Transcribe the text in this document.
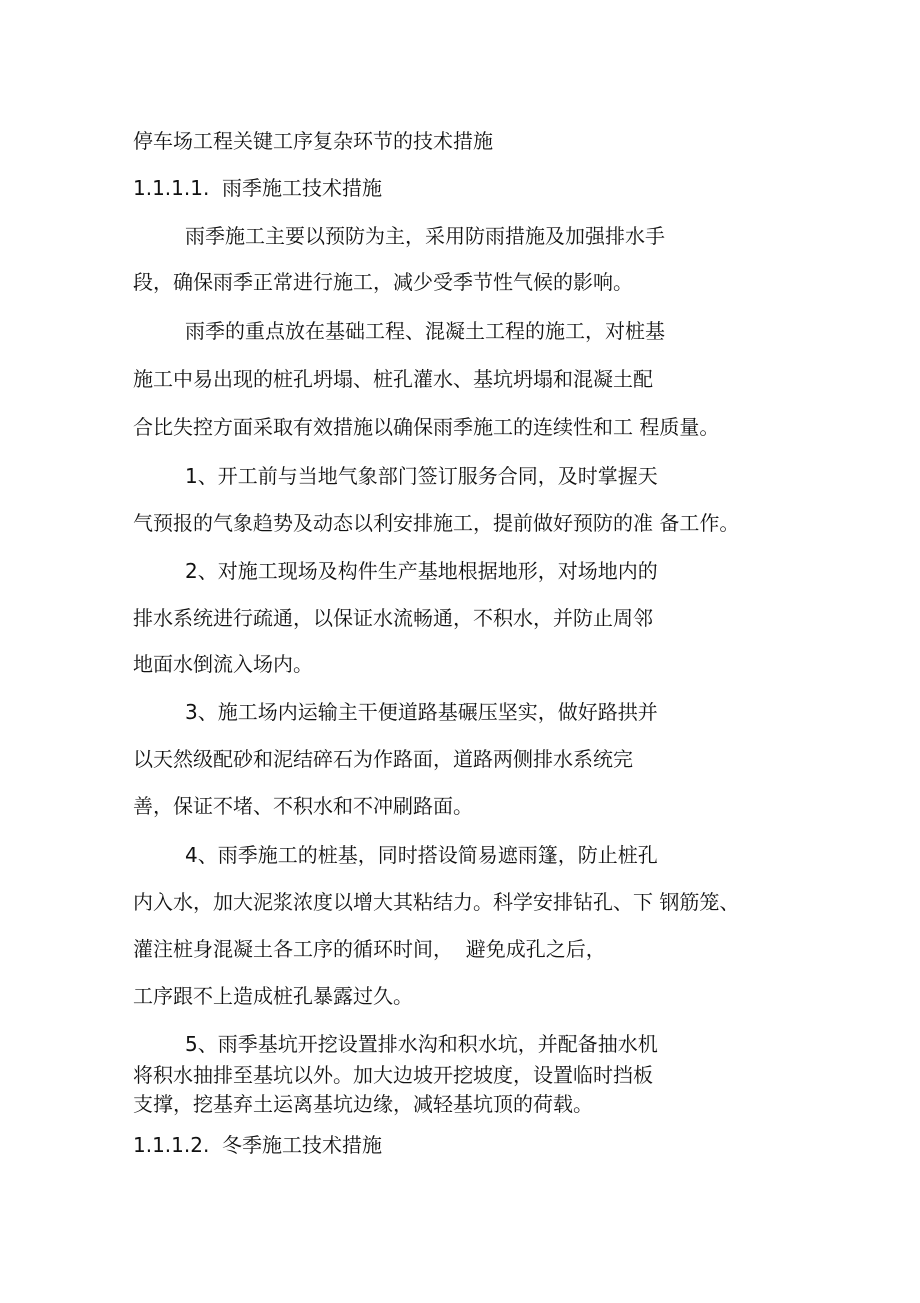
停车场工程关键工序复杂环节的技术措施

1.1.1.1. 雨季施工技术措施

雨季施工主要以预防为主，采用防雨措施及加强排水手

段，确保雨季正常进行施工，减少受季节性气候的影响。

雨季的重点放在基础工程、混凝土工程的施工，对桩基

施工中易出现的桩孔坍塌、桩孔灌水、基坑坍塌和混凝土配

合比失控方面采取有效措施以确保雨季施工的连续性和工 程质量。

1、开工前与当地气象部门签订服务合同，及时掌握天

气预报的气象趋势及动态以利安排施工，提前做好预防的准 备工作。

2、对施工现场及构件生产基地根据地形，对场地内的

排水系统进行疏通，以保证水流畅通，不积水，并防止周邻

地面水倒流入场内。

3、施工场内运输主干便道路基碾压坚实，做好路拱并

以天然级配砂和泥结碎石为作路面，道路两侧排水系统完

善，保证不堵、不积水和不冲刷路面。

4、雨季施工的桩基，同时搭设简易遮雨篷，防止桩孔

内入水，加大泥浆浓度以增大其粘结力。科学安排钻孔、下 钢筋笼、

灌注桩身混凝土各工序的循环时间，  避免成孔之后，

工序跟不上造成桩孔暴露过久。

5、雨季基坑开挖设置排水沟和积水坑，并配备抽水机

将积水抽排至基坑以外。加大边坡开挖坡度，设置临时挡板

支撑，挖基弃土运离基坑边缘，减轻基坑顶的荷载。

1.1.1.2. 冬季施工技术措施
